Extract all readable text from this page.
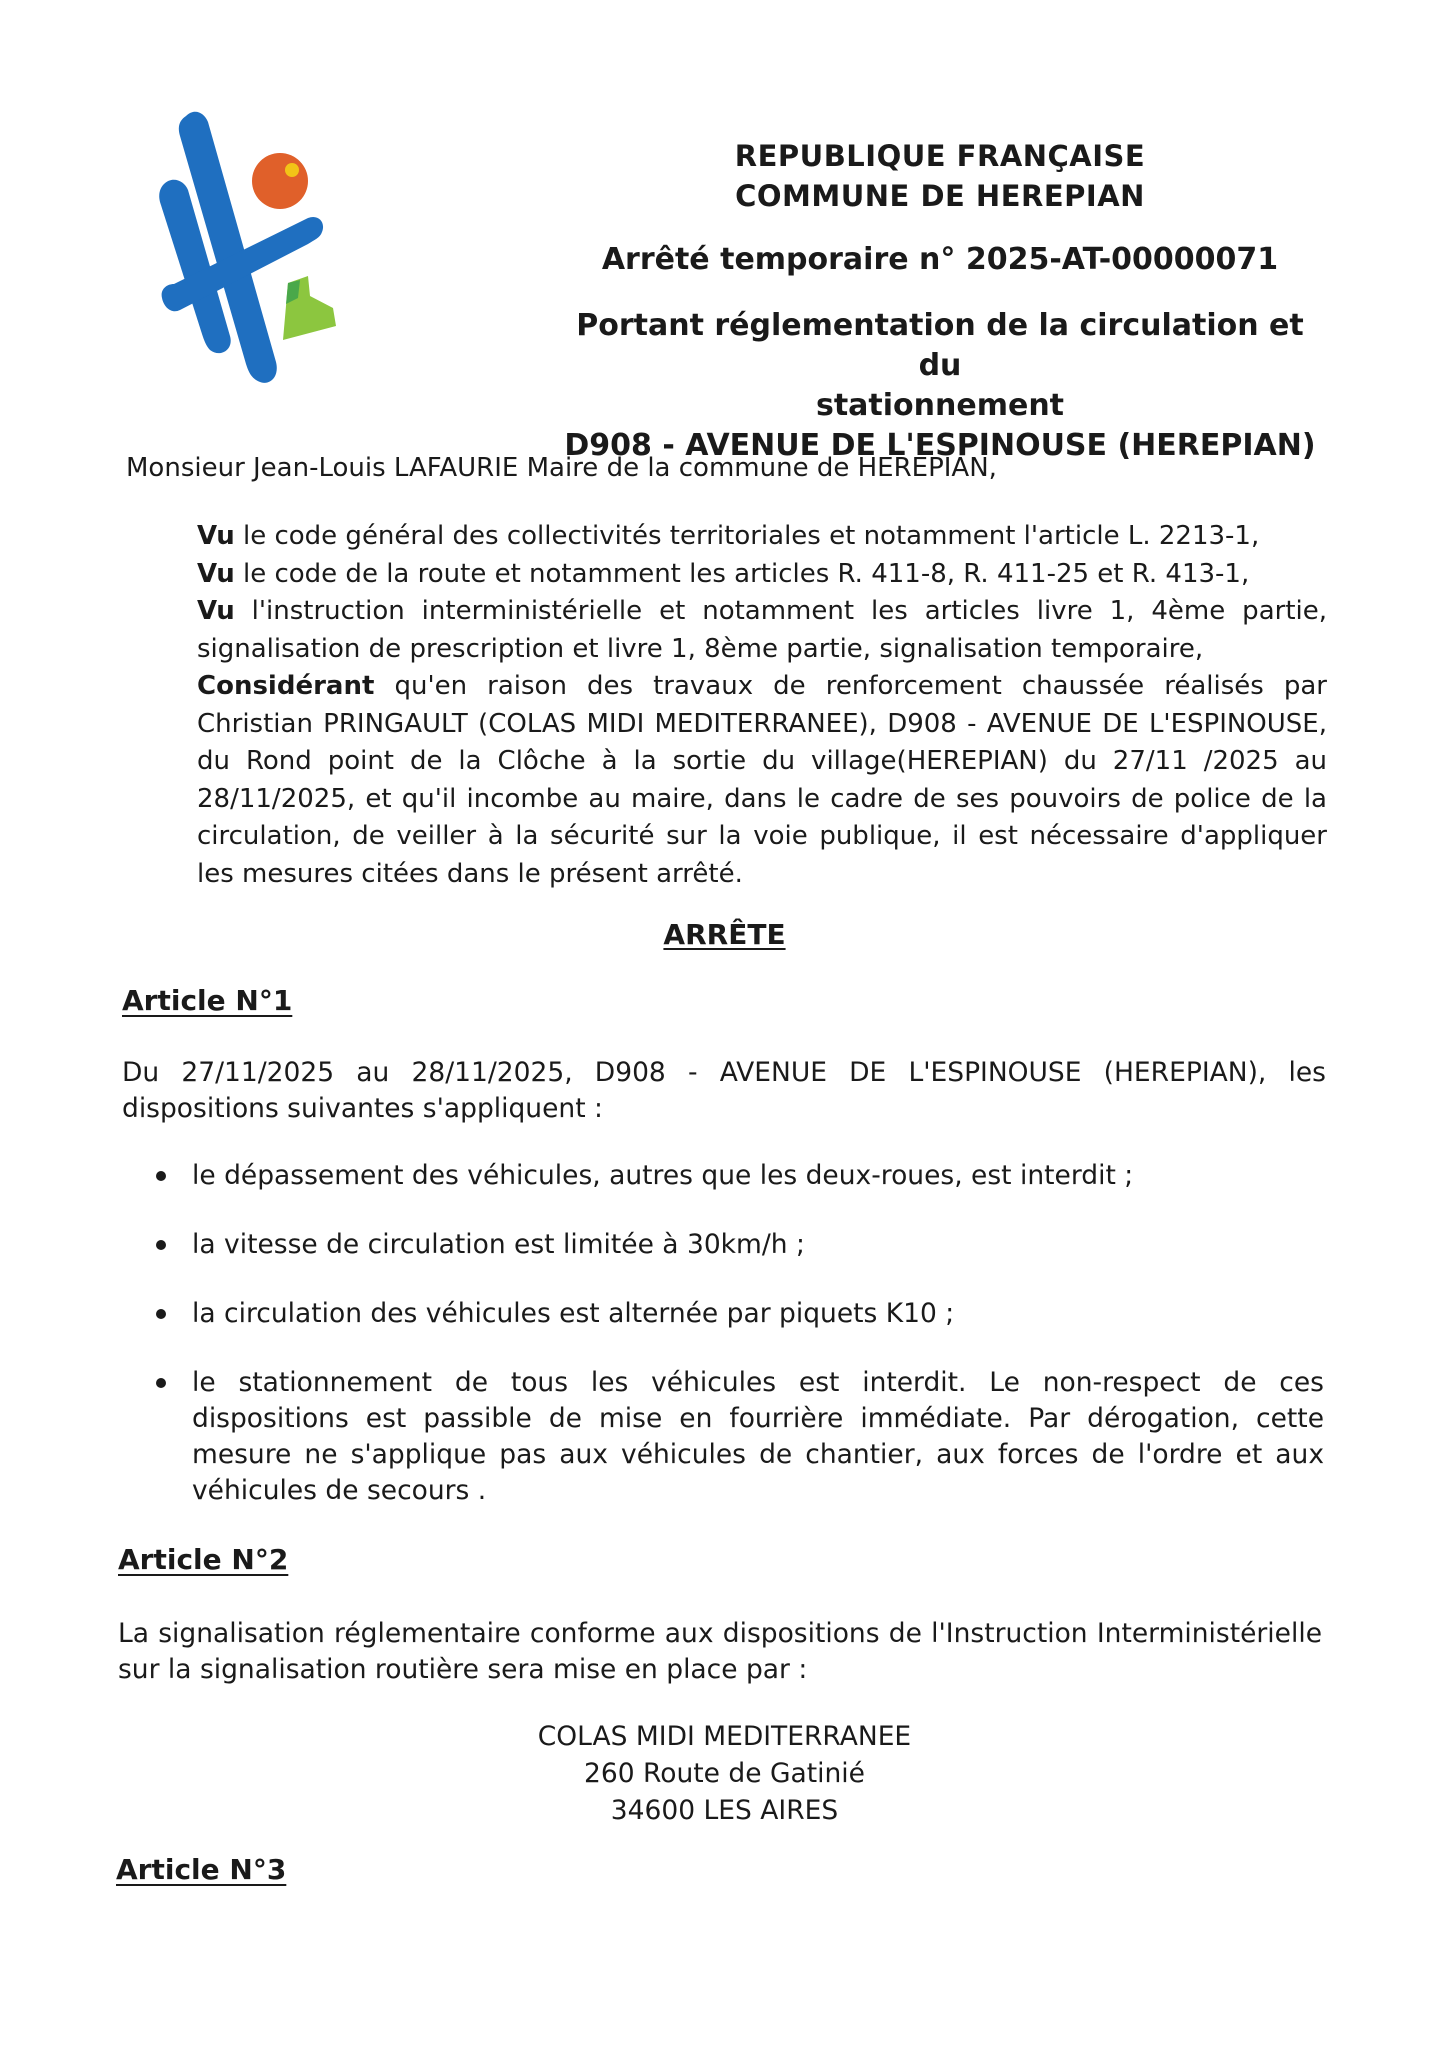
REPUBLIQUE FRANÇAISE
COMMUNE DE HEREPIAN
Arrêté temporaire n° 2025-AT-00000071
Portant réglementation de la circulation et du
stationnement
D908 - AVENUE DE L'ESPINOUSE (HEREPIAN)
Monsieur Jean-Louis LAFAURIE Maire de la commune de HEREPIAN,

Vu le code général des collectivités territoriales et notamment l'article L. 2213-1,

Vu le code de la route et notamment les articles R. 411-8, R. 411-25 et R. 413-1,

Vu l'instruction interministérielle et notamment les articles livre 1, 4ème partie, signalisation de prescription et livre 1, 8ème partie, signalisation temporaire,

Considérant qu'en raison des travaux de renforcement chaussée réalisés par Christian PRINGAULT (COLAS MIDI MEDITERRANEE), D908 - AVENUE DE L'ESPINOUSE, du Rond point de la Clôche à la sortie du village(HEREPIAN) du 27/11 /2025 au 28/11/2025, et qu'il incombe au maire, dans le cadre de ses pouvoirs de police de la circulation, de veiller à la sécurité sur la voie publique, il est nécessaire d'appliquer les mesures citées dans le présent arrêté.

ARRÊTE
Article N°1
Du 27/11/2025 au 28/11/2025, D908 - AVENUE DE L'ESPINOUSE (HEREPIAN), les dispositions suivantes s'appliquent :
le dépassement des véhicules, autres que les deux-roues, est interdit ;
la vitesse de circulation est limitée à 30km/h ;
la circulation des véhicules est alternée par piquets K10 ;
le stationnement de tous les véhicules est interdit. Le non-respect de ces dispositions est passible de mise en fourrière immédiate. Par dérogation, cette mesure ne s'applique pas aux véhicules de chantier, aux forces de l'ordre et aux véhicules de secours .
Article N°2
La signalisation réglementaire conforme aux dispositions de l'Instruction Interministérielle sur la signalisation routière sera mise en place par :
COLAS MIDI MEDITERRANEE
260 Route de Gatinié
34600 LES AIRES
Article N°3
